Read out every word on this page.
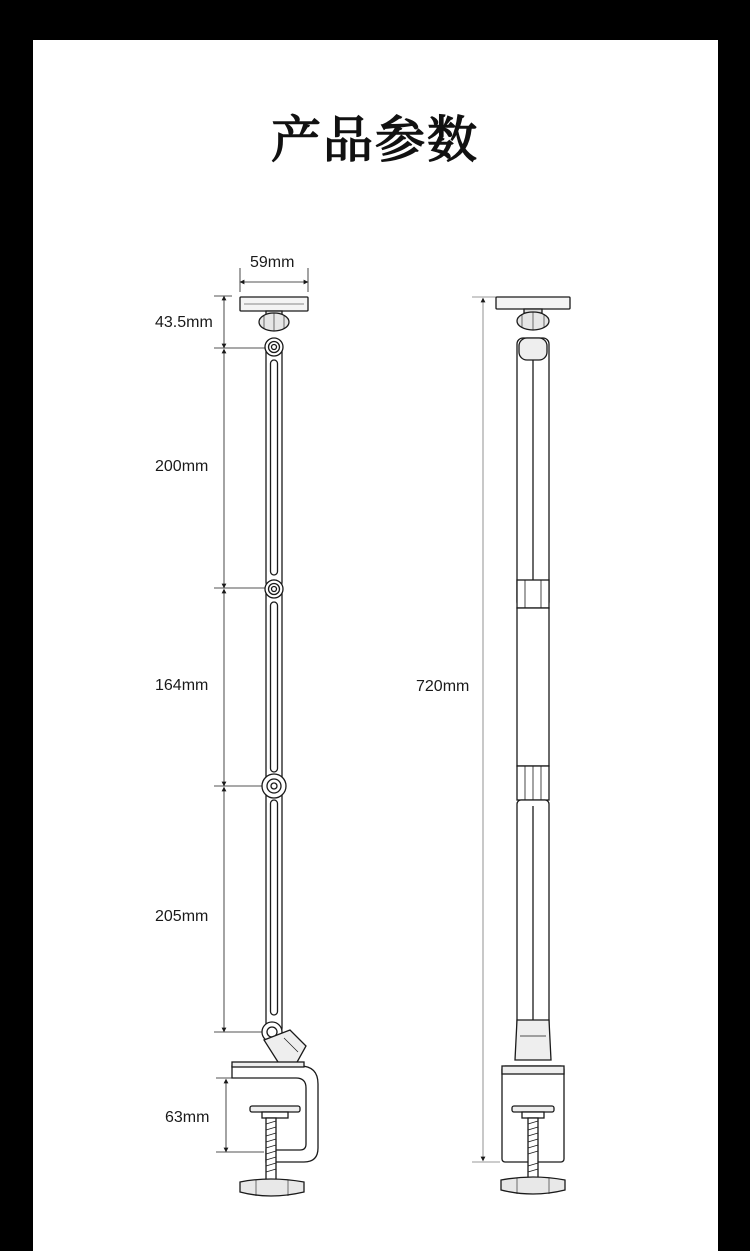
产品参数
59mm
43.5mm
200mm
164mm
205mm
63mm
720mm
